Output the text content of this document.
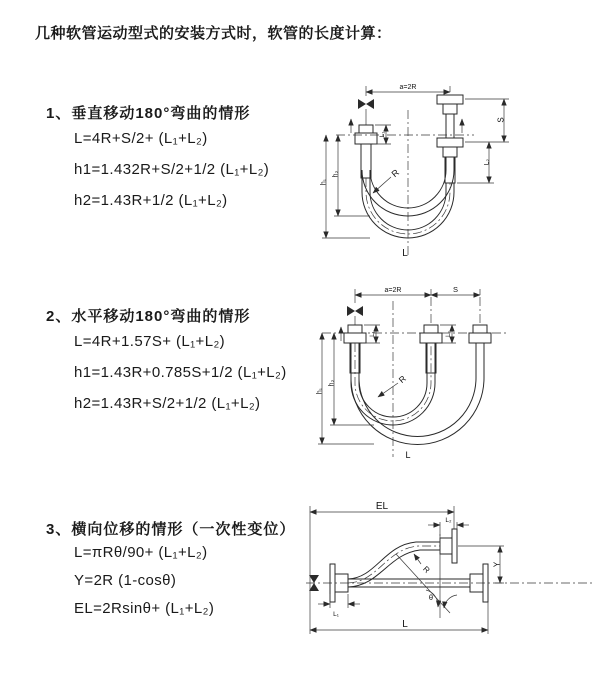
几种软管运动型式的安装方式时，软管的长度计算：
1、垂直移动180°弯曲的情形
L=4R+S/2+ (L₁+L₂)
h1=1.432R+S/2+1/2 (L₁+L₂)
h2=1.43R+1/2 (L₁+L₂)
a=2R
L₁
S
L₂
h₁
h₂	R
L
2、水平移动180°弯曲的情形
L=4R+1.57S+ (L₁+L₂)
h1=1.43R+0.785S+1/2 (L₁+L₂)
h2=1.43R+S/2+1/2 (L₁+L₂)
a=2R	S
L₁	L₂
h₁
h₂	R
L
3、横向位移的情形（一次性变位）
L=πRθ/90+ (L₁+L₂)
Y=2R (1-cosθ)
EL=2Rsinθ+ (L₁+L₂)
EL
L₂
Y
L₁
L
R
θ
